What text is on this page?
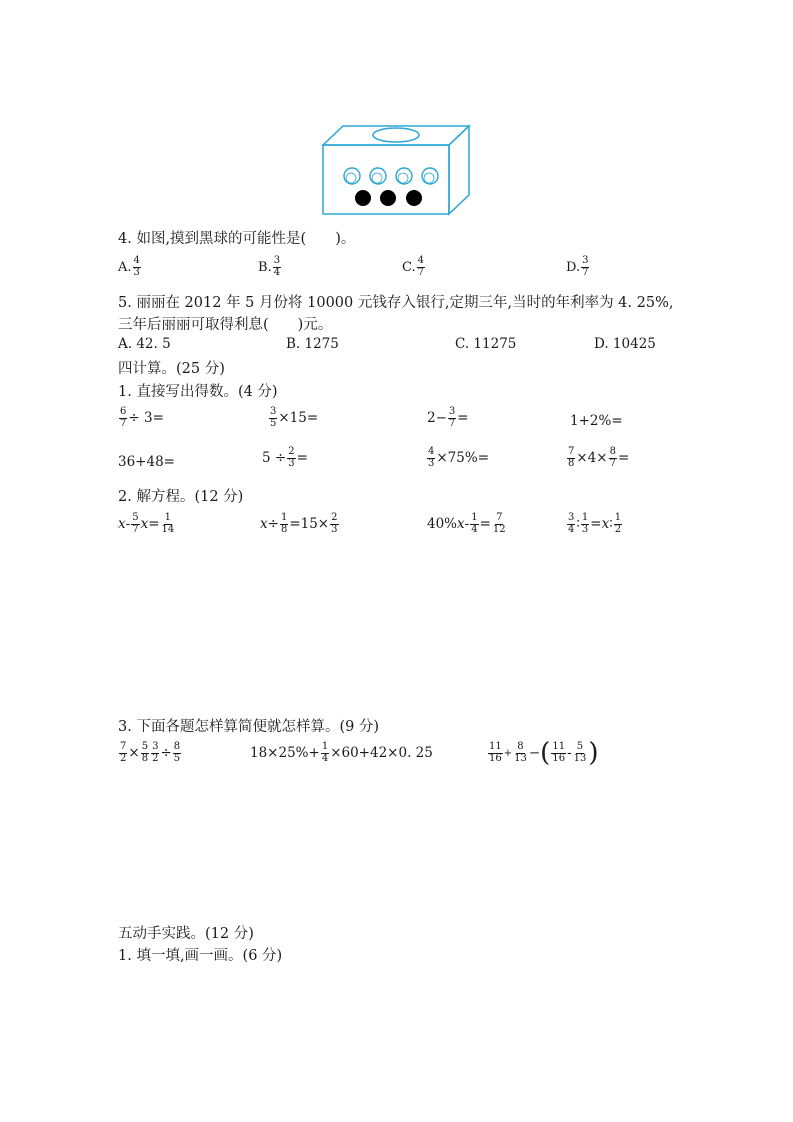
4. 如图,摸到黑球的可能性是(　　)。
A. $\frac{4}{3}$	B. $\frac{3}{4}$	C. $\frac{4}{7}$	D. $\frac{3}{7}$
5. 丽丽在 2012 年 5 月份将 10000 元钱存入银行,定期三年,当时的年利率为 4. 25%,
三年后丽丽可取得利息(　　)元。
A. 42. 5	B. 1275	C. 11275	D. 10425
四计算。(25 分)
1. 直接写出得数。(4 分)
$\frac{6}{7} \div 3=$	$\frac{3}{5} \times 15=$	$2- \frac{3}{7}$ =	1+2%=
36+48=	$5 \div \frac{2}{3}$ =	$\frac{4}{3} \times 75\%=$	$\frac{7}{8} \times 4\times \frac{8}{7}$ =
2. 解方程。(12 分)
x - $\frac{5}{7}$ $x = \frac{1}{14}$	$x \div \frac{1}{8} =15\times \frac{2}{3}$	40% $x - \frac{1}{4} = \frac{7}{12}$	$\frac{3}{4}$ ∶ $\frac{1}{3} = x$ ∶ $\frac{1}{2}$
3. 下面各题怎样算简便就怎样算。(9 分)
$\frac{7}{2} \times \frac{5}{8} \frac{3}{2} \div \frac{8}{5}$	$18\times 25\%+ \frac{1}{4} \times 60+42\times 0$. 25	$\frac{11}{16} + \frac{8}{13}$ − ( $\frac{11}{16} - \frac{5}{13}$ )
五动手实践。(12 分)
1. 填一填,画一画。(6 分)
